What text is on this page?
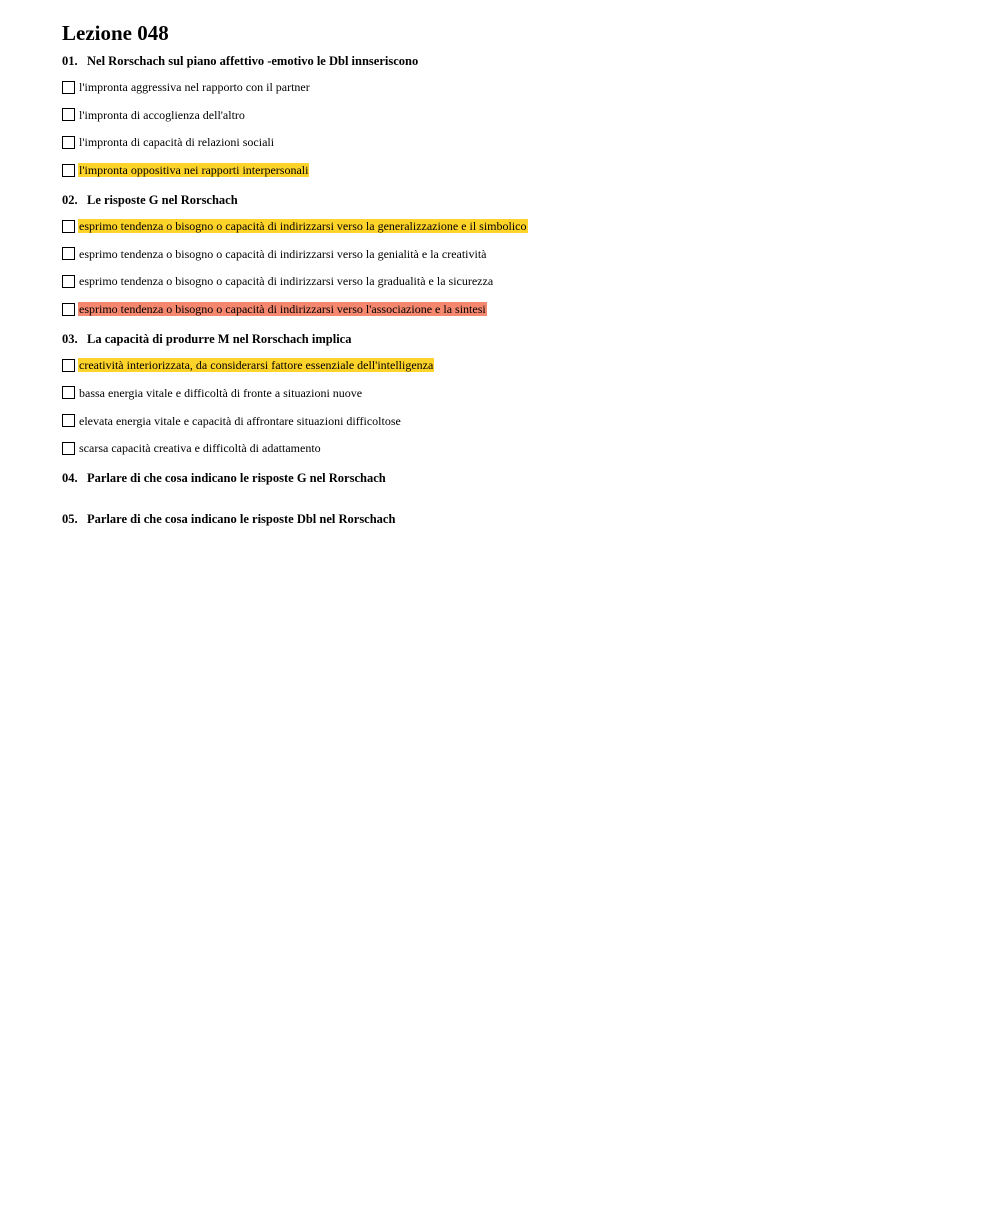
Lezione 048
01. Nel Rorschach sul piano affettivo -emotivo le Dbl innseriscono
l'impronta aggressiva nel rapporto con il partner
l'impronta di accoglienza dell'altro
l'impronta di capacità di relazioni sociali
l'impronta oppositiva nei rapporti interpersonali
02. Le risposte G nel Rorschach
esprimo tendenza o bisogno o capacità di indirizzarsi verso la generalizzazione e il simbolico
esprimo tendenza o bisogno o capacità di indirizzarsi verso la genialità e la creatività
esprimo tendenza o bisogno o capacità di indirizzarsi verso la gradualità e la sicurezza
esprimo tendenza o bisogno o capacità di indirizzarsi verso l'associazione e la sintesi
03. La capacità di produrre M nel Rorschach implica
creatività interiorizzata, da considerarsi fattore essenziale dell'intelligenza
bassa energia vitale e difficoltà di fronte a situazioni nuove
elevata energia vitale e capacità di affrontare situazioni difficoltose
scarsa capacità creativa e difficoltà di adattamento
04. Parlare di che cosa indicano le risposte G nel Rorschach
05. Parlare di che cosa indicano le risposte Dbl nel Rorschach
